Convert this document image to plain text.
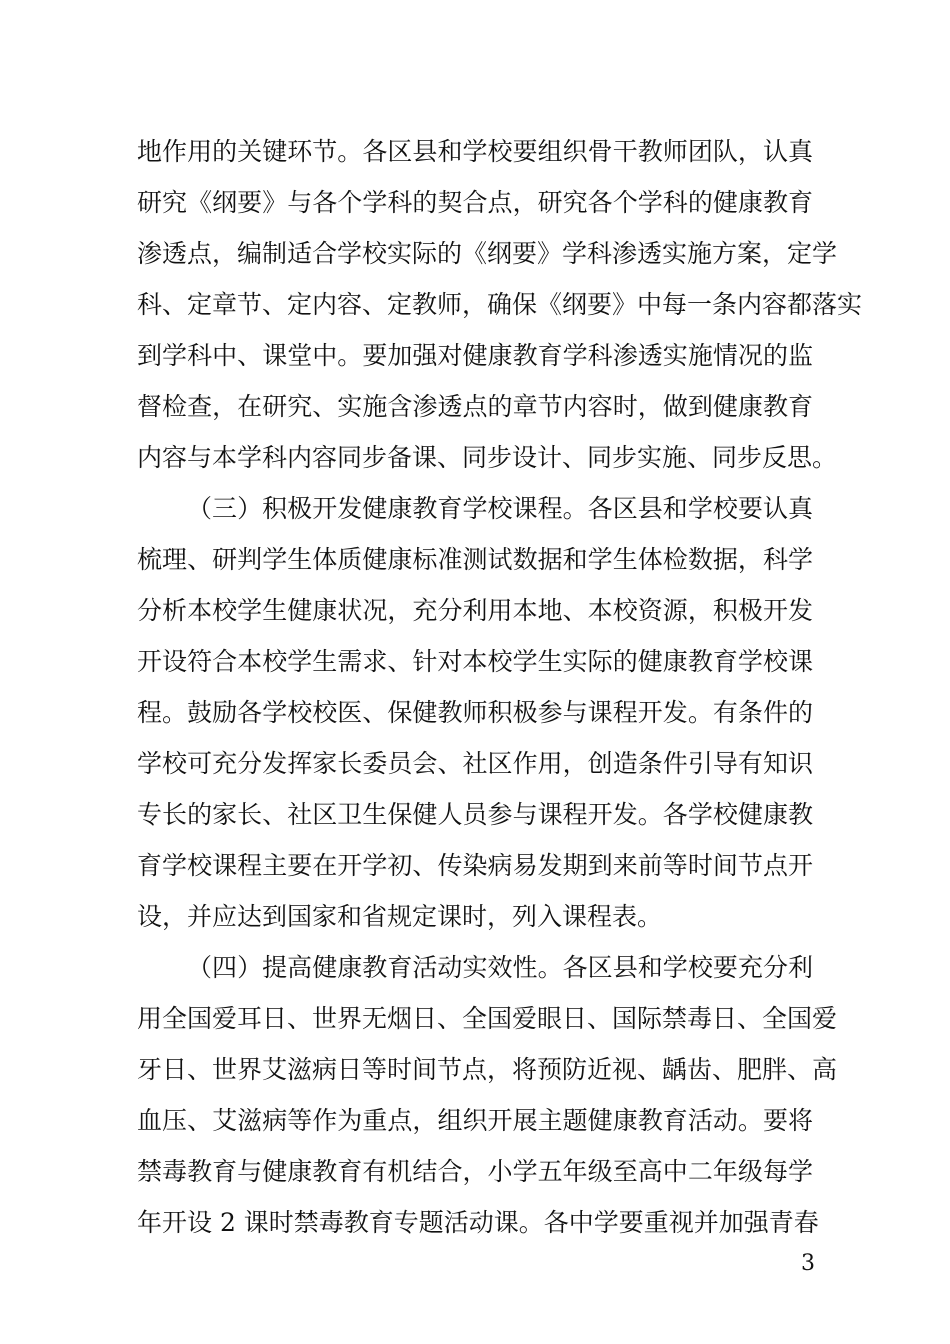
地作用的关键环节。各区县和学校要组织骨干教师团队，认真
研究《纲要》与各个学科的契合点，研究各个学科的健康教育
渗透点，编制适合学校实际的《纲要》学科渗透实施方案，定学
科、定章节、定内容、定教师，确保《纲要》中每一条内容都落实
到学科中、课堂中。要加强对健康教育学科渗透实施情况的监
督检查，在研究、实施含渗透点的章节内容时，做到健康教育
内容与本学科内容同步备课、同步设计、同步实施、同步反思。
（三）积极开发健康教育学校课程。各区县和学校要认真
梳理、研判学生体质健康标准测试数据和学生体检数据，科学
分析本校学生健康状况，充分利用本地、本校资源，积极开发
开设符合本校学生需求、针对本校学生实际的健康教育学校课
程。鼓励各学校校医、保健教师积极参与课程开发。有条件的
学校可充分发挥家长委员会、社区作用，创造条件引导有知识
专长的家长、社区卫生保健人员参与课程开发。各学校健康教
育学校课程主要在开学初、传染病易发期到来前等时间节点开
设，并应达到国家和省规定课时，列入课程表。
（四）提高健康教育活动实效性。各区县和学校要充分利
用全国爱耳日、世界无烟日、全国爱眼日、国际禁毒日、全国爱
牙日、世界艾滋病日等时间节点，将预防近视、龋齿、肥胖、高
血压、艾滋病等作为重点，组织开展主题健康教育活动。要将
禁毒教育与健康教育有机结合，小学五年级至高中二年级每学
年开设 2 课时禁毒教育专题活动课。各中学要重视并加强青春
3
